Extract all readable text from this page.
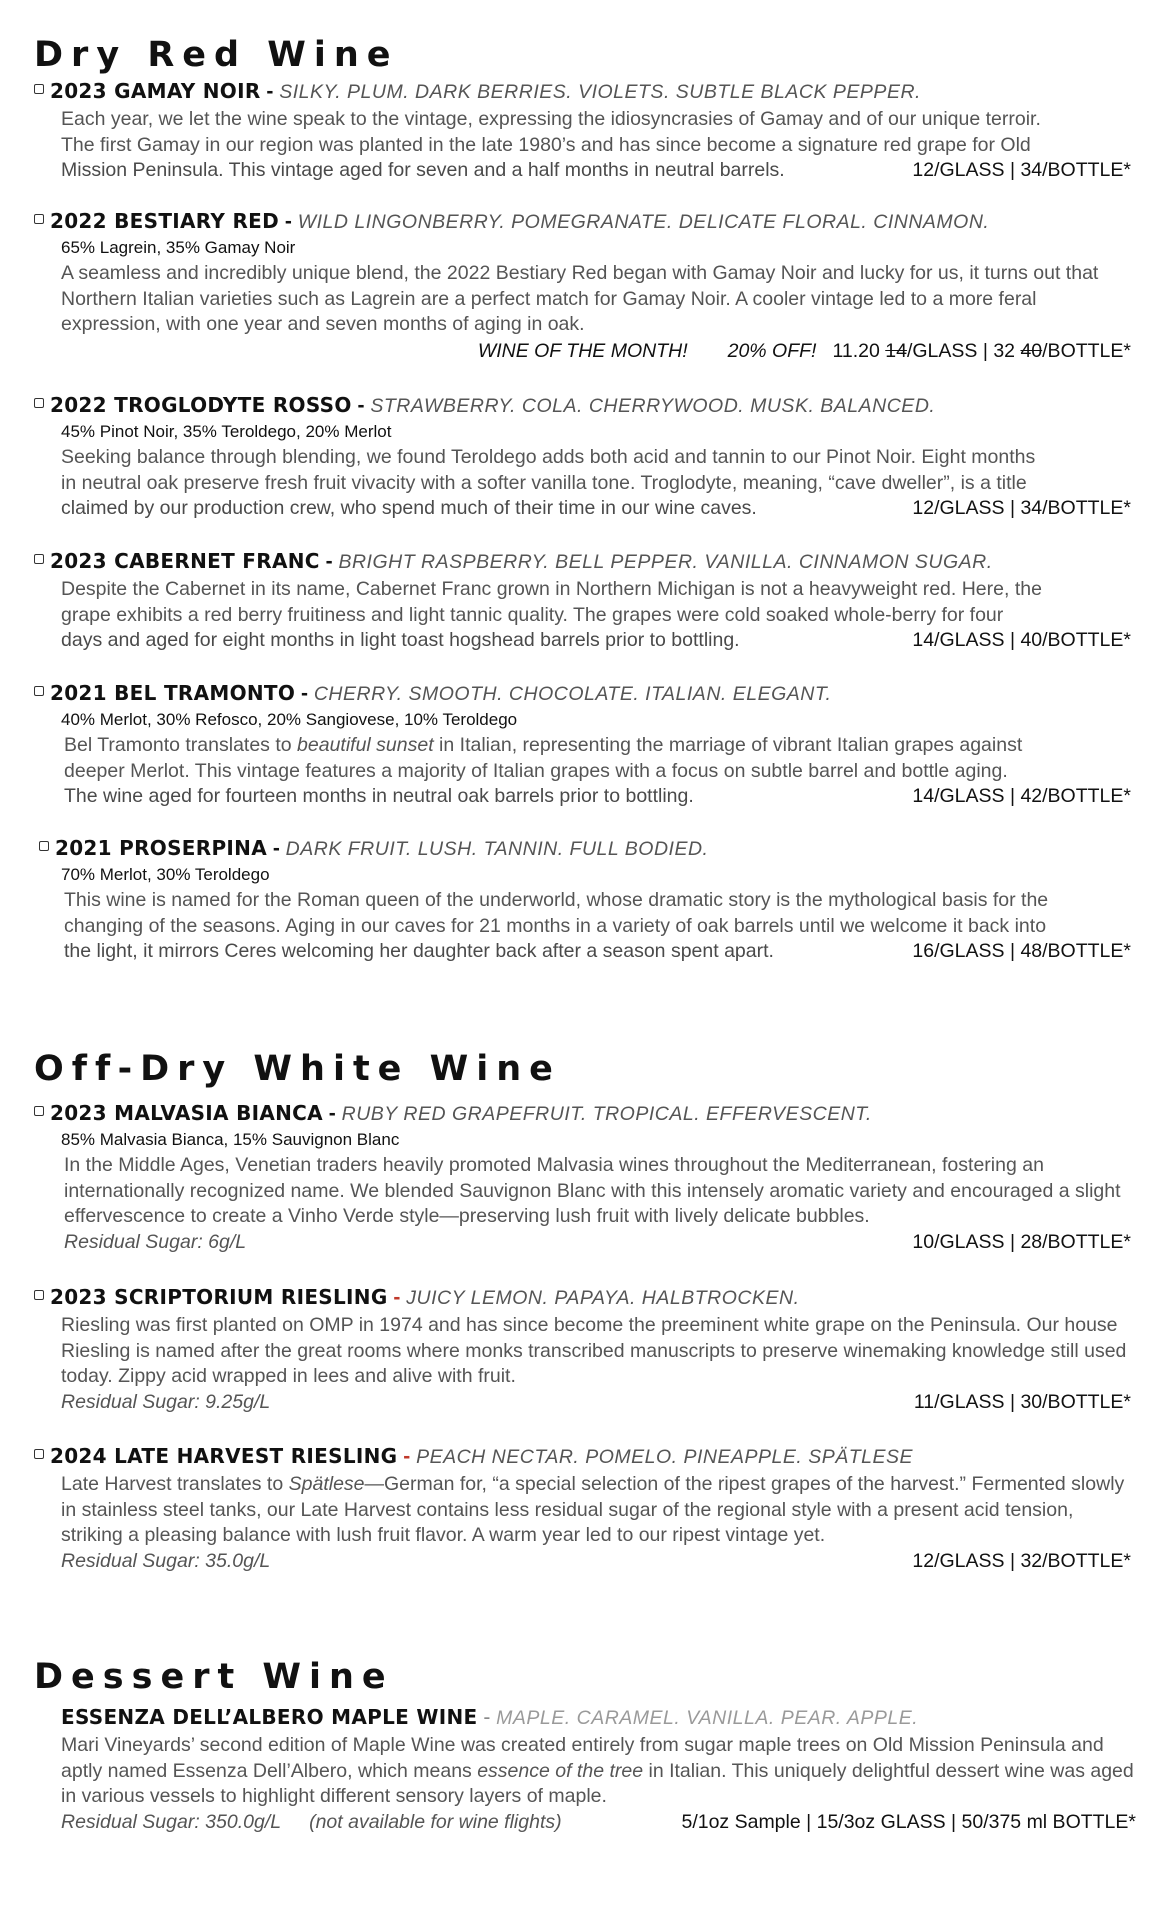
Dry Red Wine
2023 GAMAY NOIR - SILKY. PLUM. DARK BERRIES. VIOLETS. SUBTLE BLACK PEPPER.
Each year, we let the wine speak to the vintage, expressing the idiosyncrasies of Gamay and of our unique terroir.
The first Gamay in our region was planted in the late 1980’s and has since become a signature red grape for Old
Mission Peninsula. This vintage aged for seven and a half months in neutral barrels.	12/GLASS | 34/BOTTLE*
2022 BESTIARY RED - WILD LINGONBERRY. POMEGRANATE. DELICATE FLORAL. CINNAMON.
65% Lagrein, 35% Gamay Noir
A seamless and incredibly unique blend, the 2022 Bestiary Red began with Gamay Noir and lucky for us, it turns out that Northern Italian varieties such as Lagrein are a perfect match for Gamay Noir. A cooler vintage led to a more feral expression, with one year and seven months of aging in oak.
WINE OF THE MONTH! 20% OFF! 11.20 14/GLASS | 32 40/BOTTLE*
2022 TROGLODYTE ROSSO - STRAWBERRY. COLA. CHERRYWOOD. MUSK. BALANCED.
45% Pinot Noir, 35% Teroldego, 20% Merlot
Seeking balance through blending, we found Teroldego adds both acid and tannin to our Pinot Noir. Eight months
in neutral oak preserve fresh fruit vivacity with a softer vanilla tone. Troglodyte, meaning, “cave dweller”, is a title
claimed by our production crew, who spend much of their time in our wine caves.	12/GLASS | 34/BOTTLE*
2023 CABERNET FRANC - BRIGHT RASPBERRY. BELL PEPPER. VANILLA. CINNAMON SUGAR.
Despite the Cabernet in its name, Cabernet Franc grown in Northern Michigan is not a heavyweight red. Here, the
grape exhibits a red berry fruitiness and light tannic quality. The grapes were cold soaked whole-berry for four
days and aged for eight months in light toast hogshead barrels prior to bottling.	14/GLASS | 40/BOTTLE*
2021 BEL TRAMONTO - CHERRY. SMOOTH. CHOCOLATE. ITALIAN. ELEGANT.
40% Merlot, 30% Refosco, 20% Sangiovese, 10% Teroldego
Bel Tramonto translates to beautiful sunset in Italian, representing the marriage of vibrant Italian grapes against
deeper Merlot. This vintage features a majority of Italian grapes with a focus on subtle barrel and bottle aging.
The wine aged for fourteen months in neutral oak barrels prior to bottling.	14/GLASS | 42/BOTTLE*
2021 PROSERPINA - DARK FRUIT. LUSH. TANNIN. FULL BODIED.
70% Merlot, 30% Teroldego
This wine is named for the Roman queen of the underworld, whose dramatic story is the mythological basis for the
changing of the seasons. Aging in our caves for 21 months in a variety of oak barrels until we welcome it back into
the light, it mirrors Ceres welcoming her daughter back after a season spent apart.	16/GLASS | 48/BOTTLE*
Off-Dry White Wine
2023 MALVASIA BIANCA - RUBY RED GRAPEFRUIT. TROPICAL. EFFERVESCENT.
85% Malvasia Bianca, 15% Sauvignon Blanc
In the Middle Ages, Venetian traders heavily promoted Malvasia wines throughout the Mediterranean, fostering an internationally recognized name. We blended Sauvignon Blanc with this intensely aromatic variety and encouraged a slight effervescence to create a Vinho Verde style—preserving lush fruit with lively delicate bubbles.
Residual Sugar: 6g/L	10/GLASS | 28/BOTTLE*
2023 SCRIPTORIUM RIESLING - JUICY LEMON. PAPAYA. HALBTROCKEN.
Riesling was first planted on OMP in 1974 and has since become the preeminent white grape on the Peninsula. Our house Riesling is named after the great rooms where monks transcribed manuscripts to preserve winemaking knowledge still used today. Zippy acid wrapped in lees and alive with fruit.
Residual Sugar: 9.25g/L	11/GLASS | 30/BOTTLE*
2024 LATE HARVEST RIESLING - PEACH NECTAR. POMELO. PINEAPPLE. SPÄTLESE
Late Harvest translates to Spätlese—German for, “a special selection of the ripest grapes of the harvest.” Fermented slowly in stainless steel tanks, our Late Harvest contains less residual sugar of the regional style with a present acid tension, striking a pleasing balance with lush fruit flavor. A warm year led to our ripest vintage yet.
Residual Sugar: 35.0g/L	12/GLASS | 32/BOTTLE*
Dessert Wine
ESSENZA DELL’ALBERO MAPLE WINE - MAPLE. CARAMEL. VANILLA. PEAR. APPLE.
Mari Vineyards’ second edition of Maple Wine was created entirely from sugar maple trees on Old Mission Peninsula and aptly named Essenza Dell’Albero, which means essence of the tree in Italian. This uniquely delightful dessert wine was aged in various vessels to highlight different sensory layers of maple.
Residual Sugar: 350.0g/L (not available for wine flights)	5/1oz Sample | 15/3oz GLASS | 50/375 ml BOTTLE*
